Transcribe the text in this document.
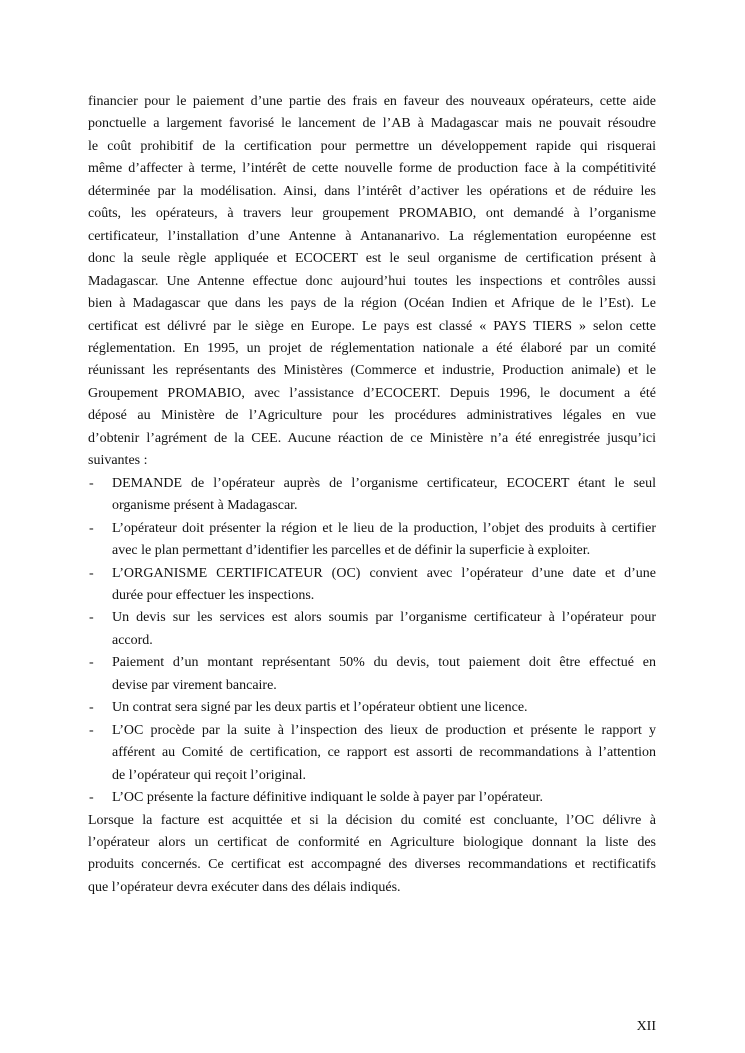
financier pour le paiement d’une partie des frais en faveur des nouveaux opérateurs, cette aide
ponctuelle a largement favorisé le lancement de l’AB à Madagascar mais ne pouvait résoudre
le coût prohibitif de la certification pour permettre un développement rapide qui risquerai
même d’affecter à terme, l’intérêt de cette nouvelle forme de production face à la compétitivité
déterminée par la modélisation. Ainsi, dans l’intérêt d’activer les opérations et de réduire les
coûts, les opérateurs, à travers leur groupement PROMABIO, ont demandé à l’organisme
certificateur, l’installation d’une Antenne à Antananarivo. La réglementation européenne est
donc la seule règle appliquée et ECOCERT est le seul organisme de certification présent à
Madagascar. Une Antenne effectue donc aujourd’hui toutes les inspections et contrôles aussi
bien à Madagascar que dans les pays de la région (Océan Indien et Afrique de le l’Est). Le
certificat est délivré par le siège en Europe. Le pays est classé « PAYS TIERS » selon cette
réglementation. En 1995, un projet de réglementation nationale a été élaboré par un comité
réunissant les représentants des Ministères (Commerce et industrie, Production animale) et le
Groupement PROMABIO, avec l’assistance d’ECOCERT. Depuis 1996, le document a été
déposé au Ministère de l’Agriculture pour les procédures administratives légales en vue
d’obtenir l’agrément de la CEE. Aucune réaction de ce Ministère n’a été enregistrée jusqu’ici
suivantes :
- DEMANDE de l’opérateur auprès de l’organisme certificateur, ECOCERT étant le seul
organisme présent à Madagascar.
- L’opérateur doit présenter la région et le lieu de la production, l’objet des produits à certifier
avec le plan permettant d’identifier les parcelles et de définir la superficie à exploiter.
- L’ORGANISME CERTIFICATEUR (OC) convient avec l’opérateur d’une date et d’une
durée pour effectuer les inspections.
- Un devis sur les services est alors soumis par l’organisme certificateur à l’opérateur pour
accord.
- Paiement d’un montant représentant 50% du devis, tout paiement doit être effectué en
devise par virement bancaire.
- Un contrat sera signé par les deux partis et l’opérateur obtient une licence.
- L’OC procède par la suite à l’inspection des lieux de production et présente le rapport y
afférent au Comité de certification, ce rapport est assorti de recommandations à l’attention
de l’opérateur qui reçoit l’original.
- L’OC présente la facture définitive indiquant le solde à payer par l’opérateur.
Lorsque la facture est acquittée et si la décision du comité est concluante, l’OC délivre à
l’opérateur alors un certificat de conformité en Agriculture biologique donnant la liste des
produits concernés. Ce certificat est accompagné des diverses recommandations et rectificatifs
que l’opérateur devra exécuter dans des délais indiqués.
XII
